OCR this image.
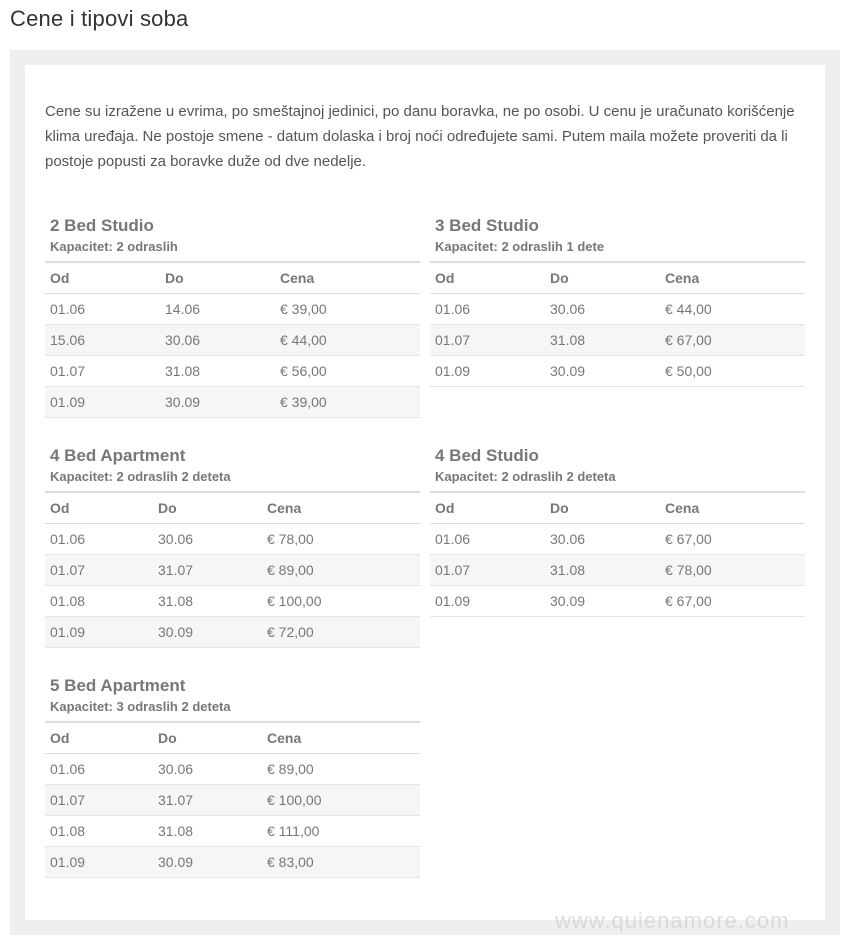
Cene i tipovi soba

Cene su izražene u evrima, po smeštajnoj jedinici, po danu boravka, ne po osobi. U cenu je uračunato korišćenje klima uređaja. Ne postoje smene - datum dolaska i broj noći određujete sami. Putem maila možete proveriti da li postoje popusti za boravke duže od dve nedelje.

2 Bed Studio
Kapacitet: 2 odraslih
Od	Do	Cena
01.06	14.06	€ 39,00
15.06	30.06	€ 44,00
01.07	31.08	€ 56,00
01.09	30.09	€ 39,00
3 Bed Studio
Kapacitet: 2 odraslih 1 dete
Od	Do	Cena
01.06	30.06	€ 44,00
01.07	31.08	€ 67,00
01.09	30.09	€ 50,00
4 Bed Apartment
Kapacitet: 2 odraslih 2 deteta
Od	Do	Cena
01.06	30.06	€ 78,00
01.07	31.07	€ 89,00
01.08	31.08	€ 100,00
01.09	30.09	€ 72,00
4 Bed Studio
Kapacitet: 2 odraslih 2 deteta
Od	Do	Cena
01.06	30.06	€ 67,00
01.07	31.08	€ 78,00
01.09	30.09	€ 67,00
5 Bed Apartment
Kapacitet: 3 odraslih 2 deteta
Od	Do	Cena
01.06	30.06	€ 89,00
01.07	31.07	€ 100,00
01.08	31.08	€ 111,00
01.09	30.09	€ 83,00
www.quienamore.com
